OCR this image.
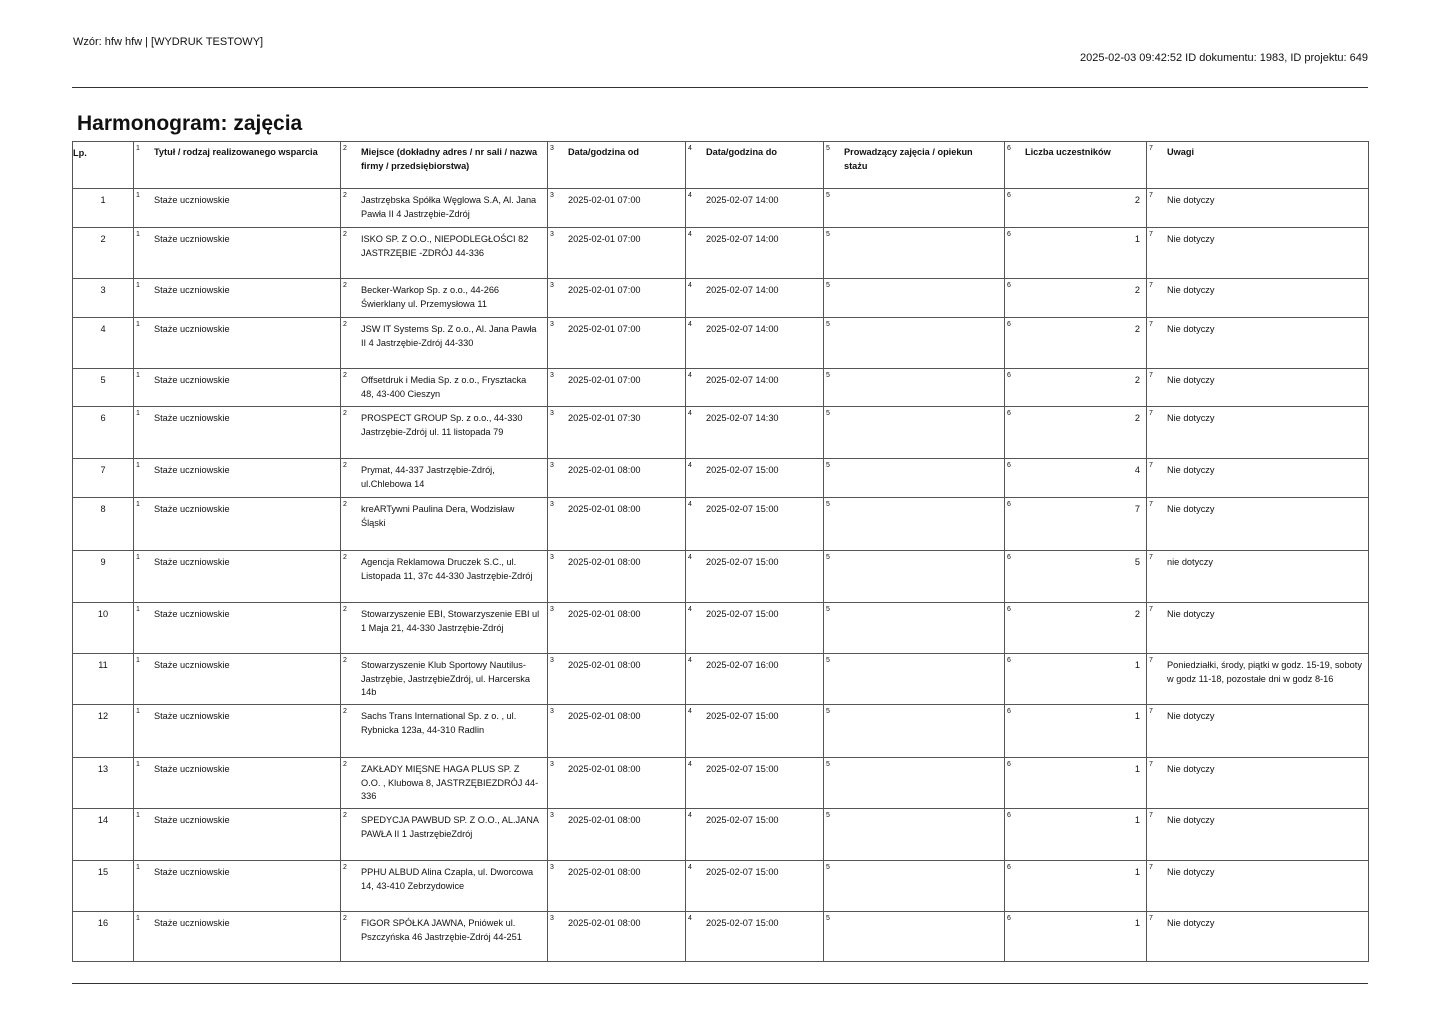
Wzór: hfw hfw | [WYDRUK TESTOWY]
2025-02-03 09:42:52 ID dokumentu: 1983, ID projektu: 649
Harmonogram: zajęcia
Lp.	1 Tytuł / rodzaj realizowanego wsparcia	2 Miejsce (dokładny adres / nr sali / nazwa firmy / przedsiębiorstwa)	3 Data/godzina od	4 Data/godzina do	5 Prowadzący zajęcia / opiekun stażu	6 Liczba uczestników	7 Uwagi

1	1 Staże uczniowskie	2 Jastrzębska Spółka Węglowa S.A, Al. Jana Pawła II 4 Jastrzębie-Zdrój	3 2025-02-01 07:00	4 2025-02-07 14:00	5	6 2	7 Nie dotyczy

2	1 Staże uczniowskie	2 ISKO SP. Z O.O., NIEPODLEGŁOŚCI 82 JASTRZĘBIE -ZDRÓJ 44-336	3 2025-02-01 07:00	4 2025-02-07 14:00	5	6 1	7 Nie dotyczy

3	1 Staże uczniowskie	2 Becker-Warkop Sp. z o.o., 44-266 Świerklany ul. Przemysłowa 11	3 2025-02-01 07:00	4 2025-02-07 14:00	5	6 2	7 Nie dotyczy

4	1 Staże uczniowskie	2 JSW IT Systems Sp. Z o.o., Al. Jana Pawła II 4 Jastrzębie-Zdrój 44-330	3 2025-02-01 07:00	4 2025-02-07 14:00	5	6 2	7 Nie dotyczy

5	1 Staże uczniowskie	2 Offsetdruk i Media Sp. z o.o., Frysztacka 48, 43-400 Cieszyn	3 2025-02-01 07:00	4 2025-02-07 14:00	5	6 2	7 Nie dotyczy

6	1 Staże uczniowskie	2 PROSPECT GROUP Sp. z o.o., 44-330 Jastrzębie-Zdrój ul. 11 listopada 79	3 2025-02-01 07:30	4 2025-02-07 14:30	5	6 2	7 Nie dotyczy

7	1 Staże uczniowskie	2 Prymat, 44-337 Jastrzębie-Zdrój, ul.Chlebowa 14	3 2025-02-01 08:00	4 2025-02-07 15:00	5	6 4	7 Nie dotyczy

8	1 Staże uczniowskie	2 kreARTywni Paulina Dera, Wodzisław Śląski	3 2025-02-01 08:00	4 2025-02-07 15:00	5	6 7	7 Nie dotyczy

9	1 Staże uczniowskie	2 Agencja Reklamowa Druczek S.C., ul. Listopada 11, 37c 44-330 Jastrzębie-Zdrój	3 2025-02-01 08:00	4 2025-02-07 15:00	5	6 5	7 nie dotyczy

10	1 Staże uczniowskie	2 Stowarzyszenie EBI, Stowarzyszenie EBI ul 1 Maja 21, 44-330 Jastrzębie-Zdrój	3 2025-02-01 08:00	4 2025-02-07 15:00	5	6 2	7 Nie dotyczy

11	1 Staże uczniowskie	2 Stowarzyszenie Klub Sportowy Nautilus-Jastrzębie, JastrzębieZdrój, ul. Harcerska 14b	3 2025-02-01 08:00	4 2025-02-07 16:00	5	6 1	7 Poniedziałki, środy, piątki w godz. 15-19, soboty w godz 11-18, pozostałe dni w godz 8-16

12	1 Staże uczniowskie	2 Sachs Trans International Sp. z o. , ul. Rybnicka 123a, 44-310 Radlin	3 2025-02-01 08:00	4 2025-02-07 15:00	5	6 1	7 Nie dotyczy

13	1 Staże uczniowskie	2 ZAKŁADY MIĘSNE HAGA PLUS SP. Z O.O. , Klubowa 8, JASTRZĘBIEZDRÓJ 44-336	3 2025-02-01 08:00	4 2025-02-07 15:00	5	6 1	7 Nie dotyczy

14	1 Staże uczniowskie	2 SPEDYCJA PAWBUD SP. Z O.O., AL.JANA PAWŁA II 1 JastrzębieZdrój	3 2025-02-01 08:00	4 2025-02-07 15:00	5	6 1	7 Nie dotyczy

15	1 Staże uczniowskie	2 PPHU ALBUD Alina Czapla, ul. Dworcowa 14, 43-410 Zebrzydowice	3 2025-02-01 08:00	4 2025-02-07 15:00	5	6 1	7 Nie dotyczy

16	1 Staże uczniowskie	2 FIGOR SPÓŁKA JAWNA, Pniówek ul. Pszczyńska 46 Jastrzębie-Zdrój 44-251	3 2025-02-01 08:00	4 2025-02-07 15:00	5	6 1	7 Nie dotyczy
